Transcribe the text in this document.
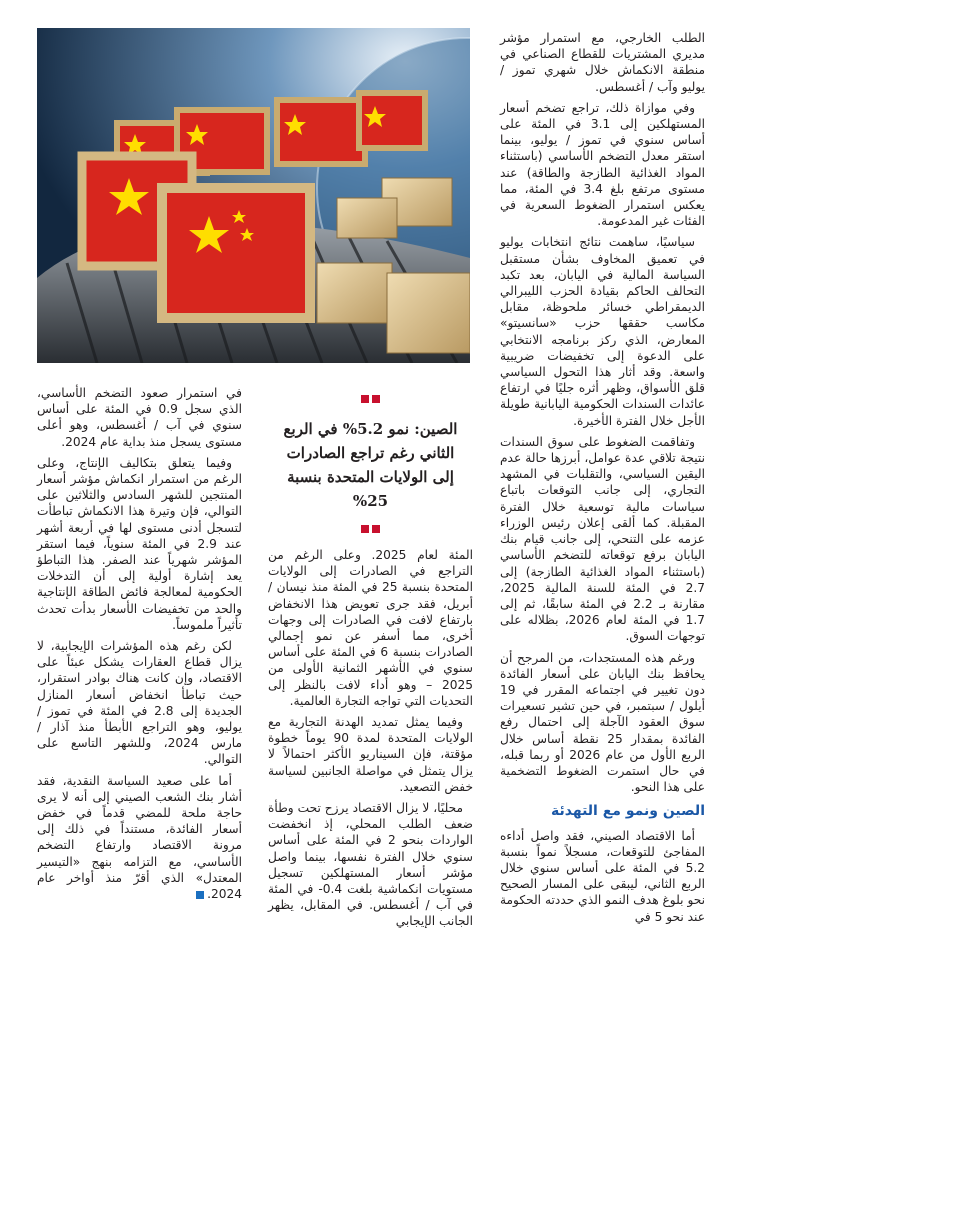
الطلب الخارجي، مع استمرار مؤشر مديري المشتريات للقطاع الصناعي في منطقة الانكماش خلال شهري تموز / يوليو وآب / أغسطس.

وفي موازاة ذلك، تراجع تضخم أسعار المستهلكين إلى 3.1 في المئة على أساس سنوي في تموز / يوليو، بينما استقر معدل التضخم الأساسي (باستثناء المواد الغذائية الطازجة والطاقة) عند مستوى مرتفع بلغ 3.4 في المئة، مما يعكس استمرار الضغوط السعرية في الفئات غير المدعومة.

سياسيًا، ساهمت نتائج انتخابات يوليو في تعميق المخاوف بشأن مستقبل السياسة المالية في اليابان، بعد تكبد التحالف الحاكم بقيادة الحزب الليبرالي الديمقراطي خسائر ملحوظة، مقابل مكاسب حققها حزب «سانسيتو» المعارض، الذي ركز برنامجه الانتخابي على الدعوة إلى تخفيضات ضريبية واسعة. وقد أثار هذا التحول السياسي قلق الأسواق، وظهر أثره جليًا في ارتفاع عائدات السندات الحكومية اليابانية طويلة الأجل خلال الفترة الأخيرة.

وتفاقمت الضغوط على سوق السندات نتيجة تلاقي عدة عوامل، أبرزها حالة عدم اليقين السياسي، والتقلبات في المشهد التجاري، إلى جانب التوقعات باتباع سياسات مالية توسعية خلال الفترة المقبلة. كما ألقى إعلان رئيس الوزراء عزمه على التنحي، إلى جانب قيام بنك اليابان برفع توقعاته للتضخم الأساسي (باستثناء المواد الغذائية الطازجة) إلى 2.7 في المئة للسنة المالية 2025، مقارنة بـ 2.2 في المئة سابقًا، ثم إلى 1.7 في المئة لعام 2026، بظلاله على توجهات السوق.

ورغم هذه المستجدات، من المرجح أن يحافظ بنك اليابان على أسعار الفائدة دون تغيير في اجتماعه المقرر في 19 أيلول / سبتمبر، في حين تشير تسعيرات سوق العقود الآجلة إلى احتمال رفع الفائدة بمقدار 25 نقطة أساس خلال الربع الأول من عام 2026 أو ربما قبله، في حال استمرت الضغوط التضخمية على هذا النحو.

الصين ونمو مع التهدئة

أما الاقتصاد الصيني، فقد واصل أداءه المفاجئ للتوقعات، مسجلاً نمواً بنسبة 5.2 في المئة على أساس سنوي خلال الربع الثاني، ليبقى على المسار الصحيح نحو بلوغ هدف النمو الذي حددته الحكومة عند نحو 5 في

الصين: نمو 5.2% في الربع الثاني رغم تراجع الصادرات إلى الولايات المتحدة بنسبة 25%

المئة لعام 2025. وعلى الرغم من التراجع في الصادرات إلى الولايات المتحدة بنسبة 25 في المئة منذ نيسان / أبريل، فقد جرى تعويض هذا الانخفاض بارتفاع لافت في الصادرات إلى وجهات أخرى، مما أسفر عن نمو إجمالي الصادرات بنسبة 6 في المئة على أساس سنوي في الأشهر الثمانية الأولى من 2025 – وهو أداء لافت بالنظر إلى التحديات التي تواجه التجارة العالمية.

وفيما يمثل تمديد الهدنة التجارية مع الولايات المتحدة لمدة 90 يوماً خطوة مؤقتة، فإن السيناريو الأكثر احتمالاً لا يزال يتمثل في مواصلة الجانبين لسياسة خفض التصعيد.

محليًا، لا يزال الاقتصاد يرزح تحت وطأة ضعف الطلب المحلي، إذ انخفضت الواردات بنحو 2 في المئة على أساس سنوي خلال الفترة نفسها، بينما واصل مؤشر أسعار المستهلكين تسجيل مستويات انكماشية بلغت 0.4- في المئة في آب / أغسطس. في المقابل، يظهر الجانب الإيجابي

في استمرار صعود التضخم الأساسي، الذي سجل 0.9 في المئة على أساس سنوي في آب / أغسطس، وهو أعلى مستوى يسجل منذ بداية عام 2024.

وفيما يتعلق بتكاليف الإنتاج، وعلى الرغم من استمرار انكماش مؤشر أسعار المنتجين للشهر السادس والثلاثين على التوالي، فإن وتيرة هذا الانكماش تباطأت لتسجل أدنى مستوى لها في أربعة أشهر عند 2.9 في المئة سنوياً، فيما استقر المؤشر شهرياً عند الصفر. هذا التباطؤ يعد إشارة أولية إلى أن التدخلات الحكومية لمعالجة فائض الطاقة الإنتاجية والحد من تخفيضات الأسعار بدأت تحدث تأثيراً ملموساً.

لكن رغم هذه المؤشرات الإيجابية، لا يزال قطاع العقارات يشكل عبئاً على الاقتصاد، وإن كانت هناك بوادر استقرار، حيث تباطأ انخفاض أسعار المنازل الجديدة إلى 2.8 في المئة في تموز / يوليو، وهو التراجع الأبطأ منذ آذار / مارس 2024، وللشهر التاسع على التوالي.

أما على صعيد السياسة النقدية، فقد أشار بنك الشعب الصيني إلى أنه لا يرى حاجة ملحة للمضي قدماً في خفض أسعار الفائدة، مستنداً في ذلك إلى مرونة الاقتصاد وارتفاع التضخم الأساسي، مع التزامه بنهج «التيسير المعتدل» الذي أقرّ منذ أواخر عام 2024.
